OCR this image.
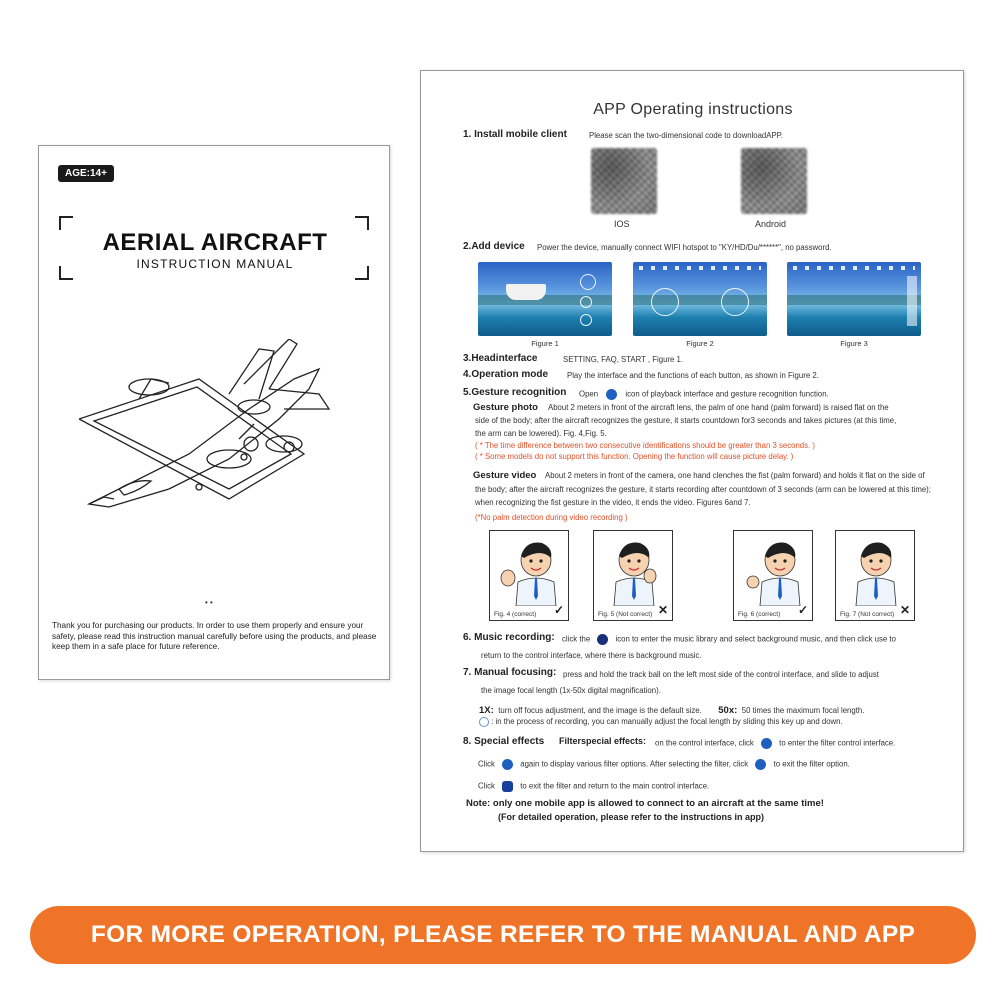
AGE:14+
AERIAL AIRCRAFT
INSTRUCTION MANUAL
• •
Thank you for purchasing our products. In order to use them properly and ensure your safety, please read this instruction manual carefully before using the products, and please keep them in a safe place for future reference.
APP Operating instructions
1. Install mobile client	Please scan the two-dimensional code to downloadAPP.
IOS	Android
2.Add device Power the device, manually connect WIFI hotspot to "KY/HD/Du/******", no password.
Figure 1	Figure 2	Figure 3
3.Headinterface	SETTING, FAQ, START , Figure 1.
4.Operation mode Play the interface and the functions of each button, as shown in Figure 2.
5.Gesture recognition Open	icon of playback interface and gesture recognition function.
Gesture photo About 2 meters in front of the aircraft lens, the palm of one hand (palm forward) is raised flat on the
side of the body; after the aircraft recognizes the gesture, it starts countdown for3 seconds and takes pictures (at this time,
the arm can be lowered). Fig. 4,Fig. 5.
( * The time difference between two consecutive identifications should be greater than 3 seconds. )
( * Some models do not support this function. Opening the function will cause picture delay. )
Gesture video About 2 meters in front of the camera, one hand clenches the fist (palm forward) and holds it flat on the side of
the body; after the aircraft recognizes the gesture, it starts recording after countdown of 3 seconds (arm can be lowered at this time);
when recognizing the fist gesture in the video, it ends the video. Figures 6and 7.
(*No palm detection during video recording )
Fig. 4 (correct)	✓	Fig. 5 (Not correct) ✕	Fig. 6 (correct)	✓	Fig. 7 (Not correct) ✕
6. Music recording: click the	icon to enter the music library and select background music, and then click use to
return to the control interface, where there is background music.
7. Manual focusing: press and hold the track ball on the left most side of the control interface, and slide to adjust
the image focal length (1x-50x digital magnification).
1X: turn off focus adjustment, and the image is the default size. 50x: 50 times the maximum focal length.
: in the process of recording, you can manually adjust the focal length by sliding this key up and down.
8. Special effects Filterspecial effects: on the control interface, click	to enter the filter control interface.
Click	again to display various filter options. After selecting the filter, click	to exit the filter option.
Click	to exit the filter and return to the main control interface.
Note: only one mobile app is allowed to connect to an aircraft at the same time!
(For detailed operation, please refer to the instructions in app)
FOR MORE OPERATION, PLEASE REFER TO THE MANUAL AND APP
